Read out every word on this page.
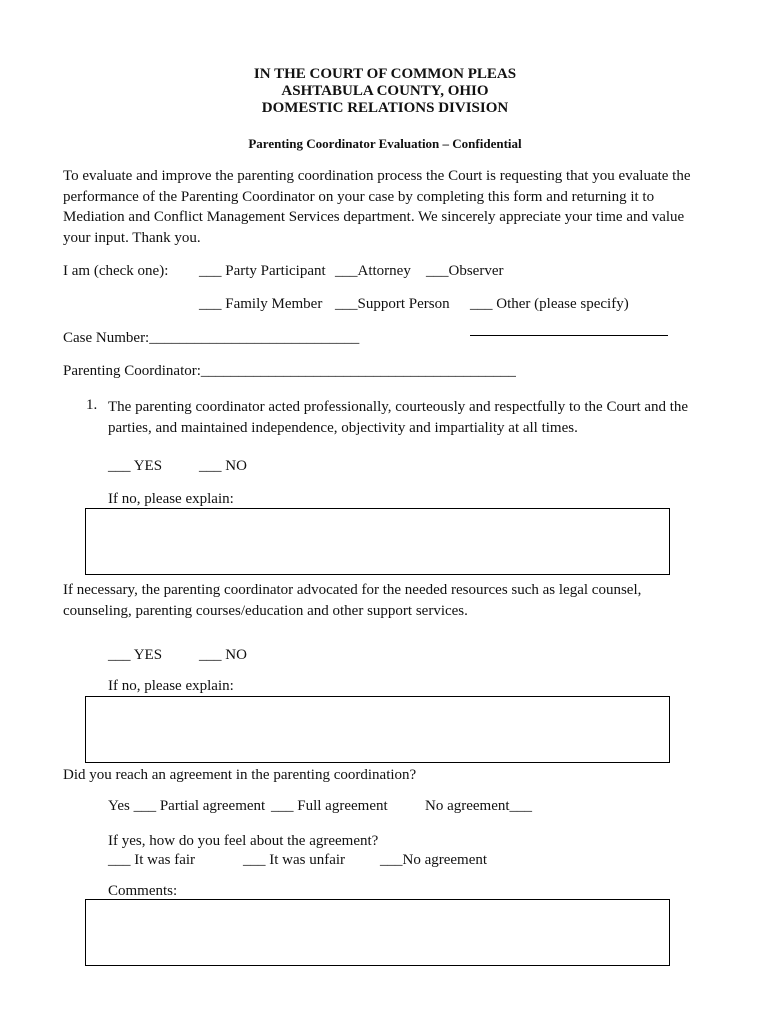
IN THE COURT OF COMMON PLEAS
ASHTABULA COUNTY, OHIO
DOMESTIC RELATIONS DIVISION
Parenting Coordinator Evaluation – Confidential
To evaluate and improve the parenting coordination process the Court is requesting that you evaluate the performance of the Parenting Coordinator on your case by completing this form and returning it to Mediation and Conflict Management Services department. We sincerely appreciate your time and value your input. Thank you.
I am (check one): ___ Party Participant ___Attorney ___Observer
___ Family Member ___Support Person ___ Other (please specify)
Case Number:____________________________
Parenting Coordinator:__________________________________________
1. The parenting coordinator acted professionally, courteously and respectfully to the Court and the parties, and maintained independence, objectivity and impartiality at all times.
___ YES ___ NO
If no, please explain:
If necessary, the parenting coordinator advocated for the needed resources such as legal counsel, counseling, parenting courses/education and other support services.
___ YES ___ NO
If no, please explain:
Did you reach an agreement in the parenting coordination?
Yes ___ Partial agreement ___ Full agreement No agreement___
If yes, how do you feel about the agreement?
___ It was fair	___ It was unfair ___No agreement
Comments:
